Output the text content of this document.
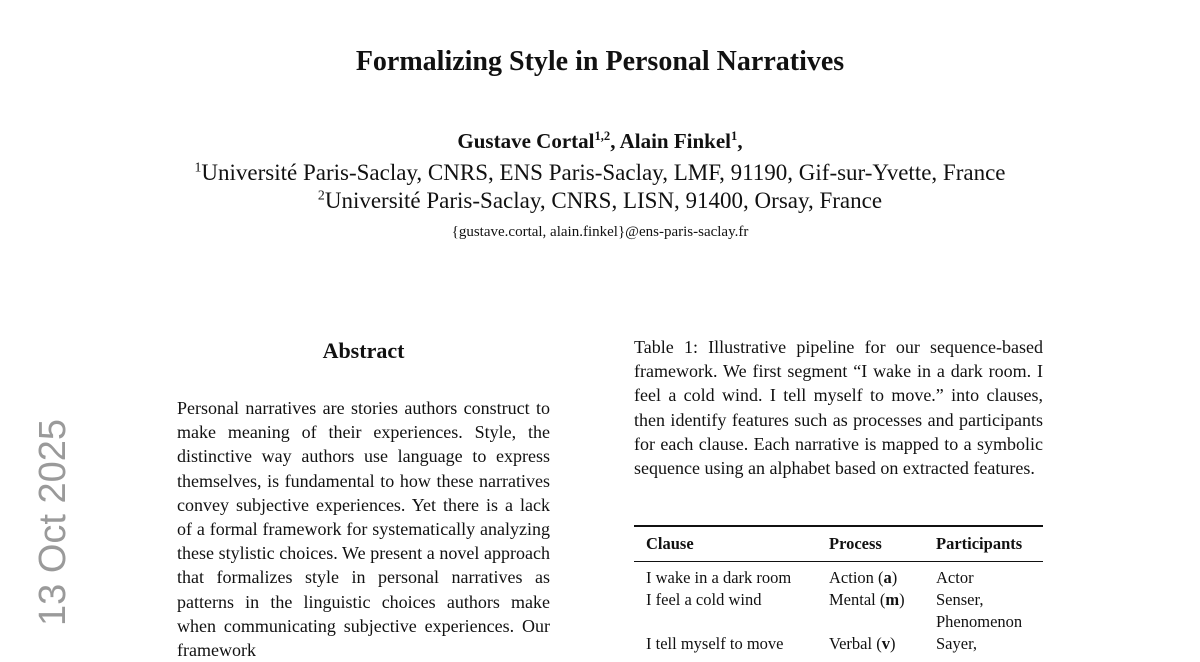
Formalizing Style in Personal Narratives
Gustave Cortal$^{1,2}$, Alain Finkel$^1$,
$^1$Université Paris-Saclay, CNRS, ENS Paris-Saclay, LMF, 91190, Gif-sur-Yvette, France
$^2$Université Paris-Saclay, CNRS, LISN, 91400, Orsay, France
{gustave.cortal, alain.finkel}@ens-paris-saclay.fr
13 Oct 2025
Abstract
Personal narratives are stories authors construct to make meaning of their experiences. Style, the distinctive way authors use language to express themselves, is fundamental to how these narratives convey subjective experiences. Yet there is a lack of a formal framework for systematically analyzing these stylistic choices. We present a novel approach that formalizes style in personal narratives as patterns in the linguistic choices authors make when communicating subjective experiences. Our framework
Table 1: Illustrative pipeline for our sequence-based framework. We first segment “I wake in a dark room. I feel a cold wind. I tell myself to move.” into clauses, then identify features such as processes and participants for each clause. Each narrative is mapped to a symbolic sequence using an alphabet based on extracted features.
Clause	Process	Participants
I wake in a dark room	Action (a)	Actor
I feel a cold wind	Mental (m)	Senser, Phenomenon
I tell myself to move	Verbal (v)	Sayer,
